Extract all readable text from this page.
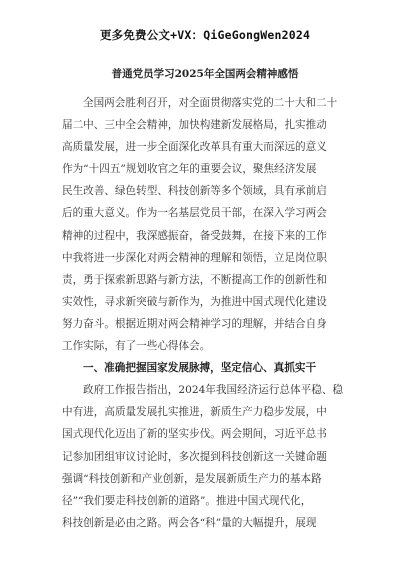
更多免费公文+VX：QiGeGongWen2024
普通党员学习2025年全国两会精神感悟
全国两会胜利召开，对全面贯彻落实党的二十大和二十
届二中、三中全会精神，加快构建新发展格局，扎实推动
高质量发展，进一步全面深化改革具有重大而深远的意义
作为“十四五”规划收官之年的重要会议，聚焦经济发展
民生改善、绿色转型、科技创新等多个领域，具有承前启
后的重大意义。作为一名基层党员干部，在深入学习两会
精神的过程中，我深感振奋，备受鼓舞，在接下来的工作
中我将进一步深化对两会精神的理解和领悟，立足岗位职
责，勇于探索新思路与新方法，不断提高工作的创新性和
实效性，寻求新突破与新作为，为推进中国式现代化建设
努力奋斗。根据近期对两会精神学习的理解，并结合自身
工作实际，有了一些心得体会。
一、准确把握国家发展脉搏，坚定信心、真抓实干
政府工作报告指出，2024年我国经济运行总体平稳、稳
中有进，高质量发展扎实推进，新质生产力稳步发展，中
国式现代化迈出了新的坚实步伐。两会期间，习近平总书
记参加团组审议讨论时，多次提到科技创新这一关键命题
强调“科技创新和产业创新，是发展新质生产力的基本路
径”“我们要走科技创新的道路”。推进中国式现代化，
科技创新是必由之路。两会各“科”量的大幅提升，展现
